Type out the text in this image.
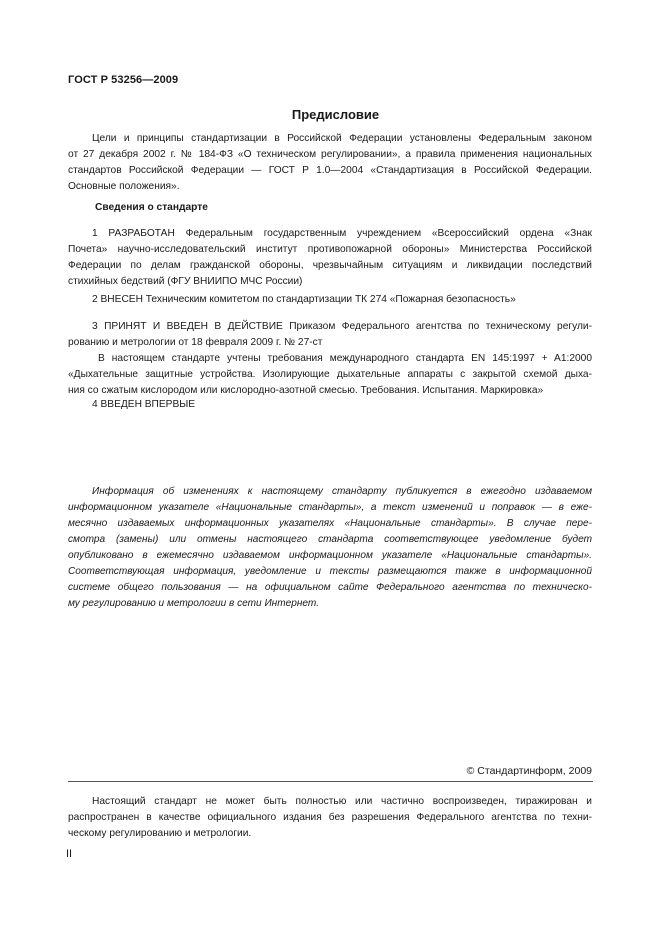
ГОСТ Р 53256—2009
Предисловие
Цели и принципы стандартизации в Российской Федерации установлены Федеральным законом
от 27 декабря 2002 г. № 184-ФЗ «О техническом регулировании», а правила применения национальных
стандартов Российской Федерации — ГОСТ Р 1.0—2004 «Стандартизация в Российской Федерации.
Основные положения».
Сведения о стандарте
1 РАЗРАБОТАН Федеральным государственным учреждением «Всероссийский ордена «Знак
Почета» научно-исследовательский институт противопожарной обороны» Министерства Российской
Федерации по делам гражданской обороны, чрезвычайным ситуациям и ликвидации последствий
стихийных бедствий (ФГУ ВНИИПО МЧС России)
2 ВНЕСЕН Техническим комитетом по стандартизации ТК 274 «Пожарная безопасность»
3 ПРИНЯТ И ВВЕДЕН В ДЕЙСТВИЕ Приказом Федерального агентства по техническому регули-
рованию и метрологии от 18 февраля 2009 г. № 27-ст
В настоящем стандарте учтены требования международного стандарта EN 145:1997 + A1:2000
«Дыхательные защитные устройства. Изолирующие дыхательные аппараты с закрытой схемой дыха-
ния со сжатым кислородом или кислородно-азотной смесью. Требования. Испытания. Маркировка»
4 ВВЕДЕН ВПЕРВЫЕ
Информация об изменениях к настоящему стандарту публикуется в ежегодно издаваемом
информационном указателе «Национальные стандарты», а текст изменений и поправок — в еже-
месячно издаваемых информационных указателях «Национальные стандарты». В случае пере-
смотра (замены) или отмены настоящего стандарта соответствующее уведомление будет
опубликовано в ежемесячно издаваемом информационном указателе «Национальные стандарты».
Соответствующая информация, уведомление и тексты размещаются также в информационной
системе общего пользования — на официальном сайте Федерального агентства по техническо-
му регулированию и метрологии в сети Интернет.
© Стандартинформ, 2009
Настоящий стандарт не может быть полностью или частично воспроизведен, тиражирован и
распространен в качестве официального издания без разрешения Федерального агентства по техни-
ческому регулированию и метрологии.
II
